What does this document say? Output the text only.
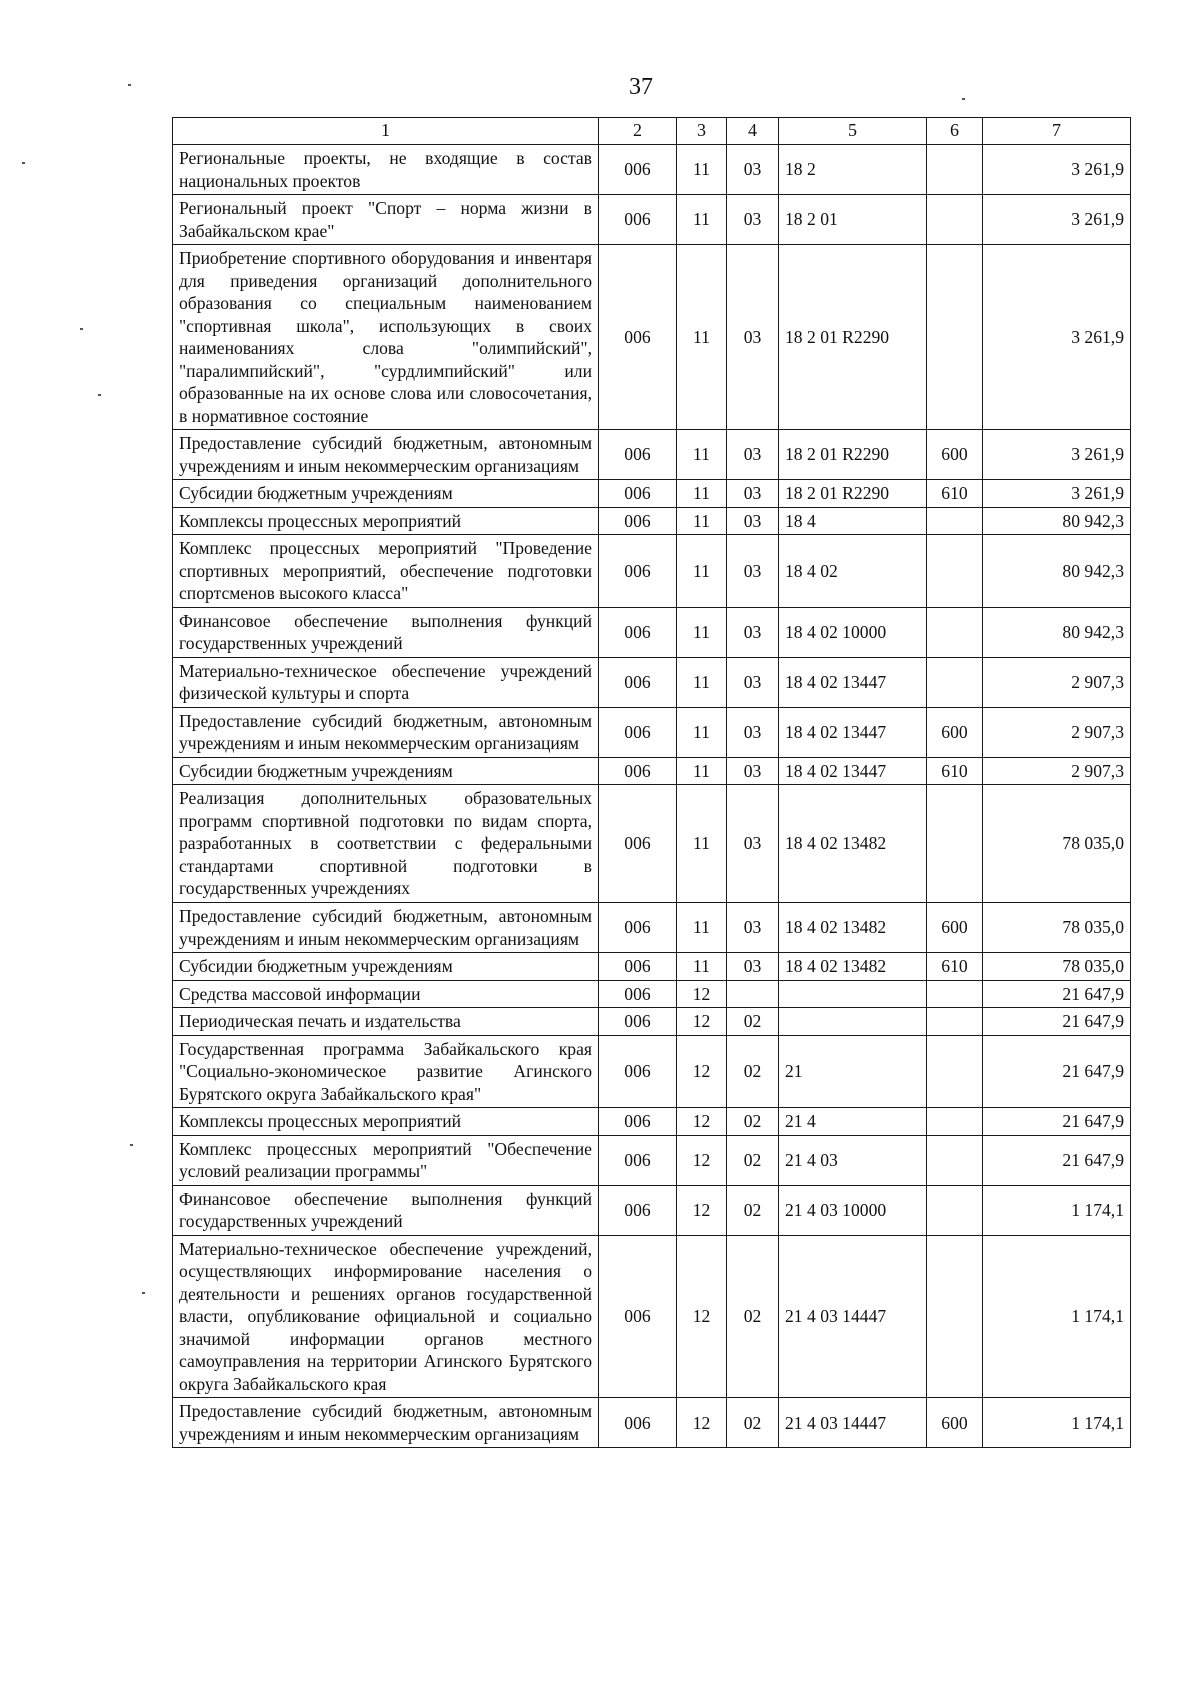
37
1	2	3	4	5	6	7
Региональные проекты, не входящие в состав национальных проектов	006	11	03	18 2		3 261,9
Региональный проект "Спорт – норма жизни в Забайкальском крае"	006	11	03	18 2 01		3 261,9
Приобретение спортивного оборудования и инвентаря для приведения организаций дополнительного образования со специальным наименованием "спортивная школа", использующих в своих наименованиях слова "олимпийский", "паралимпийский", "сурдлимпийский" или образованные на их основе слова или словосочетания, в нормативное состояние	006	11	03	18 2 01 R2290		3 261,9
Предоставление субсидий бюджетным, автономным учреждениям и иным некоммерческим организациям	006	11	03	18 2 01 R2290	600	3 261,9
Субсидии бюджетным учреждениям	006	11	03	18 2 01 R2290	610	3 261,9
Комплексы процессных мероприятий	006	11	03	18 4		80 942,3
Комплекс процессных мероприятий "Проведение спортивных мероприятий, обеспечение подготовки спортсменов высокого класса"	006	11	03	18 4 02		80 942,3
Финансовое обеспечение выполнения функций государственных учреждений	006	11	03	18 4 02 10000		80 942,3
Материально-техническое обеспечение учреждений физической культуры и спорта	006	11	03	18 4 02 13447		2 907,3
Предоставление субсидий бюджетным, автономным учреждениям и иным некоммерческим организациям	006	11	03	18 4 02 13447	600	2 907,3
Субсидии бюджетным учреждениям	006	11	03	18 4 02 13447	610	2 907,3
Реализация дополнительных образовательных программ спортивной подготовки по видам спорта, разработанных в соответствии с федеральными стандартами спортивной подготовки в государственных учреждениях	006	11	03	18 4 02 13482		78 035,0
Предоставление субсидий бюджетным, автономным учреждениям и иным некоммерческим организациям	006	11	03	18 4 02 13482	600	78 035,0
Субсидии бюджетным учреждениям	006	11	03	18 4 02 13482	610	78 035,0
Средства массовой информации	006	12				21 647,9
Периодическая печать и издательства	006	12	02			21 647,9
Государственная программа Забайкальского края "Социально-экономическое развитие Агинского Бурятского округа Забайкальского края"	006	12	02	21		21 647,9
Комплексы процессных мероприятий	006	12	02	21 4		21 647,9
Комплекс процессных мероприятий "Обеспечение условий реализации программы"	006	12	02	21 4 03		21 647,9
Финансовое обеспечение выполнения функций государственных учреждений	006	12	02	21 4 03 10000		1 174,1
Материально-техническое обеспечение учреждений, осуществляющих информирование населения о деятельности и решениях органов государственной власти, опубликование официальной и социально значимой информации органов местного самоуправления на территории Агинского Бурятского округа Забайкальского края	006	12	02	21 4 03 14447		1 174,1
Предоставление субсидий бюджетным, автономным учреждениям и иным некоммерческим организациям	006	12	02	21 4 03 14447	600	1 174,1
